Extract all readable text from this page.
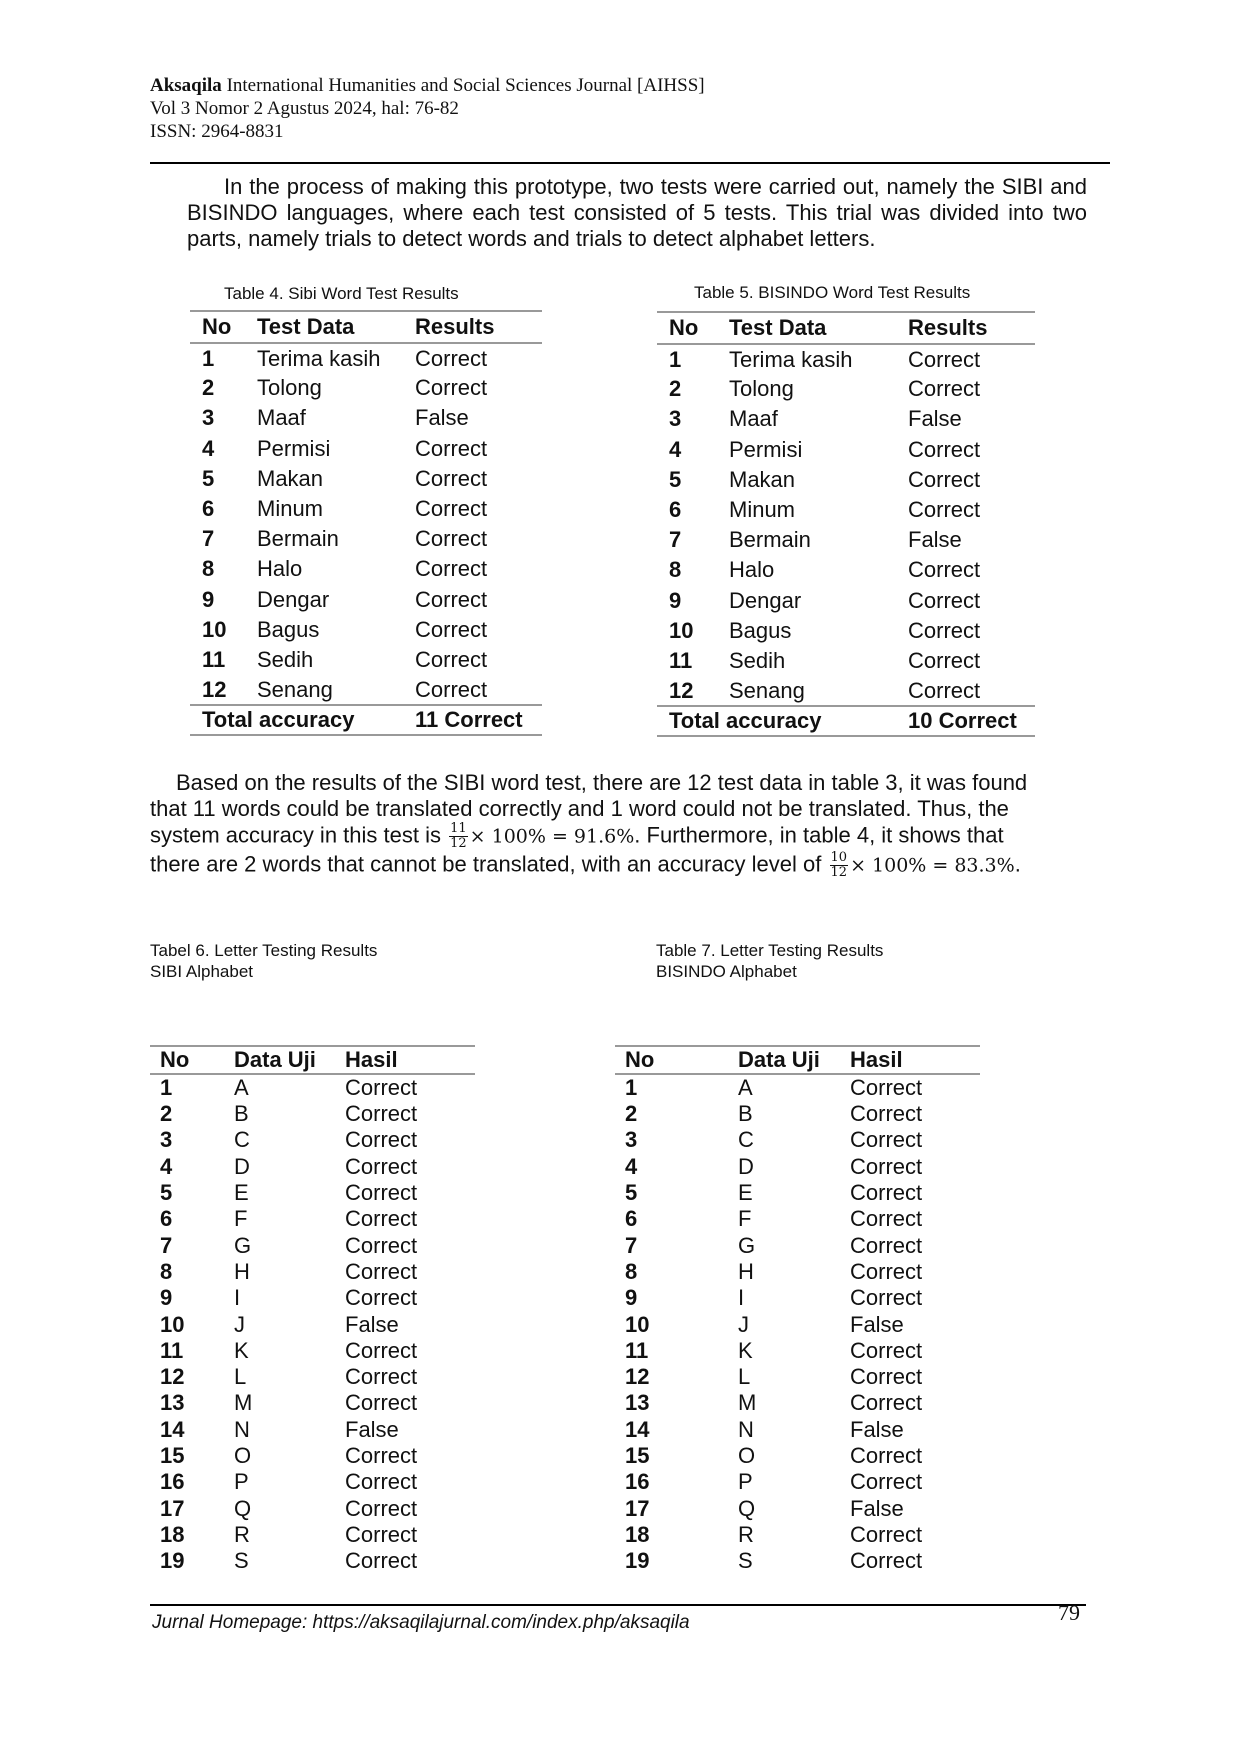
Aksaqila International Humanities and Social Sciences Journal [AIHSS]
Vol 3 Nomor 2 Agustus 2024, hal: 76-82
ISSN: 2964-8831

In the process of making this prototype, two tests were carried out, namely the SIBI and BISINDO languages, where each test consisted of 5 tests. This trial was divided into two parts, namely trials to detect words and trials to detect alphabet letters.

Table 4. Sibi Word Test Results
No	Test Data	Results
1	Terima kasih	Correct
2	Tolong	Correct
3	Maaf	False
4	Permisi	Correct
5	Makan	Correct
6	Minum	Correct
7	Bermain	Correct
8	Halo	Correct
9	Dengar	Correct
10	Bagus	Correct
11	Sedih	Correct
12	Senang	Correct
Total accuracy		11 Correct
Table 5. BISINDO Word Test Results
No	Test Data	Results
1	Terima kasih	Correct
2	Tolong	Correct
3	Maaf	False
4	Permisi	Correct
5	Makan	Correct
6	Minum	Correct
7	Bermain	False
8	Halo	Correct
9	Dengar	Correct
10	Bagus	Correct
11	Sedih	Correct
12	Senang	Correct
Total accuracy		10 Correct

Based on the results of the SIBI word test, there are 12 test data in table 3, it was found that 11 words could be translated correctly and 1 word could not be translated. Thus, the system accuracy in this test is $\frac{11}{12} \times 100\% = 91.6\%$. Furthermore, in table 4, it shows that there are 2 words that cannot be translated, with an accuracy level of $\frac{10}{12} \times 100\% = 83.3\%$.

Tabel 6. Letter Testing Results
SIBI Alphabet
Table 7. Letter Testing Results
BISINDO Alphabet
No	Data Uji	Hasil
1	A	Correct
2	B	Correct
3	C	Correct
4	D	Correct
5	E	Correct
6	F	Correct
7	G	Correct
8	H	Correct
9	I	Correct
10	J	False
11	K	Correct
12	L	Correct
13	M	Correct
14	N	False
15	O	Correct
16	P	Correct
17	Q	Correct
18	R	Correct
19	S	Correct
No	Data Uji	Hasil
1	A	Correct
2	B	Correct
3	C	Correct
4	D	Correct
5	E	Correct
6	F	Correct
7	G	Correct
8	H	Correct
9	I	Correct
10	J	False
11	K	Correct
12	L	Correct
13	M	Correct
14	N	False
15	O	Correct
16	P	Correct
17	Q	False
18	R	Correct
19	S	Correct
Jurnal Homepage: https://aksaqilajurnal.com/index.php/aksaqila	79
